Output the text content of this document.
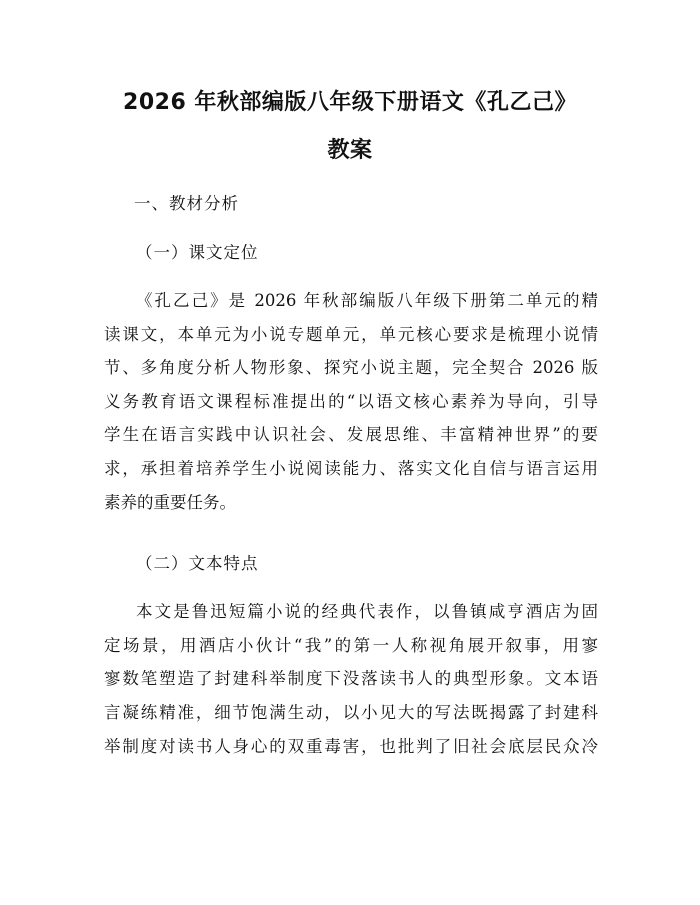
2026 年秋部编版八年级下册语文《孔乙己》
教案
一、教材分析
（一）课文定位
《孔乙己》是 2026 年秋部编版八年级下册第二单元的精
读课文，本单元为小说专题单元，单元核心要求是梳理小说情
节、多角度分析人物形象、探究小说主题，完全契合 2026 版
义务教育语文课程标准提出的“以语文核心素养为导向，引导
学生在语言实践中认识社会、发展思维、丰富精神世界”的要
求，承担着培养学生小说阅读能力、落实文化自信与语言运用
素养的重要任务。
（二）文本特点
本文是鲁迅短篇小说的经典代表作，以鲁镇咸亨酒店为固
定场景，用酒店小伙计“我”的第一人称视角展开叙事，用寥
寥数笔塑造了封建科举制度下没落读书人的典型形象。文本语
言凝练精准，细节饱满生动，以小见大的写法既揭露了封建科
举制度对读书人身心的双重毒害，也批判了旧社会底层民众冷
